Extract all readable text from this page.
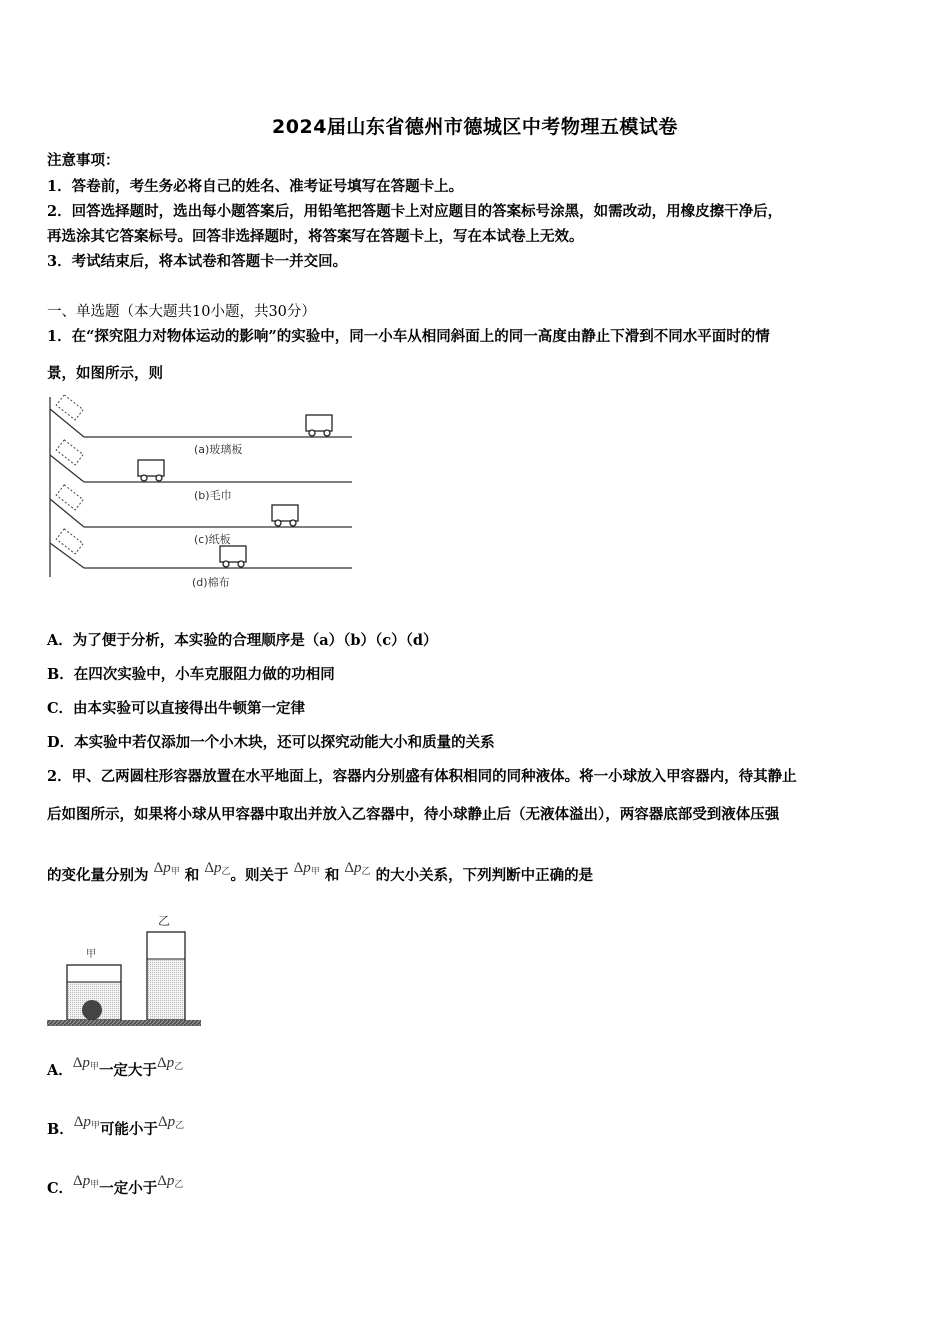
2024届山东省德州市德城区中考物理五模试卷
注意事项：
1．答卷前，考生务必将自己的姓名、准考证号填写在答题卡上。
2．回答选择题时，选出每小题答案后，用铅笔把答题卡上对应题目的答案标号涂黑，如需改动，用橡皮擦干净后，
再选涂其它答案标号。回答非选择题时，将答案写在答题卡上，写在本试卷上无效。
3．考试结束后，将本试卷和答题卡一并交回。
一、单选题（本大题共10小题，共30分）
1．在“探究阻力对物体运动的影响”的实验中，同一小车从相同斜面上的同一高度由静止下滑到不同水平面时的情
景，如图所示，则
(a)玻璃板
(b)毛巾
(c)纸板
(d)棉布
A．为了便于分析，本实验的合理顺序是（a）（b）（c）（d）
B．在四次实验中，小车克服阻力做的功相同
C．由本实验可以直接得出牛顿第一定律
D．本实验中若仅添加一个小木块，还可以探究动能大小和质量的关系
2．甲、乙两圆柱形容器放置在水平地面上，容器内分别盛有体积相同的同种液体。将一小球放入甲容器内，待其静止
后如图所示，如果将小球从甲容器中取出并放入乙容器中，待小球静止后（无液体溢出），两容器底部受到液体压强
的变化量分别为 $\Delta p_甲$ 和 $\Delta p_乙$。则关于 $\Delta p_甲$ 和 $\Delta p_乙$ 的大小关系，下列判断中正确的是
甲
乙
A．$\Delta p_甲$一定大于$\Delta p_乙$
B．$\Delta p_甲$可能小于$\Delta p_乙$
C．$\Delta p_甲$一定小于$\Delta p_乙$
